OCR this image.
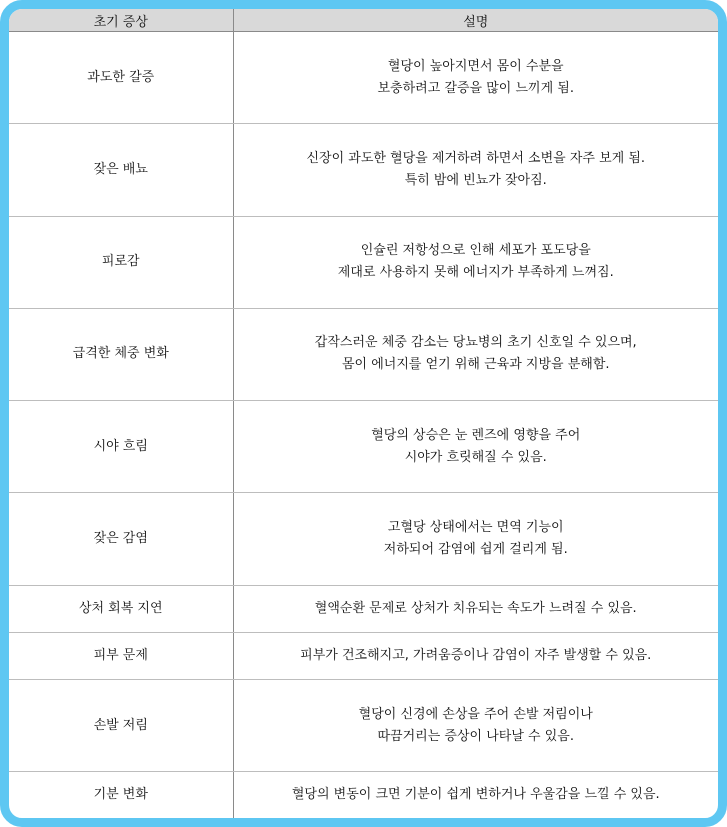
초기 증상	설명
과도한 갈증	혈당이 높아지면서 몸이 수분을
보충하려고 갈증을 많이 느끼게 됨.

잦은 배뇨	신장이 과도한 혈당을 제거하려 하면서 소변을 자주 보게 됨.
특히 밤에 빈뇨가 잦아짐.

피로감	인슐린 저항성으로 인해 세포가 포도당을
제대로 사용하지 못해 에너지가 부족하게 느껴짐.

급격한 체중 변화	갑작스러운 체중 감소는 당뇨병의 초기 신호일 수 있으며,
몸이 에너지를 얻기 위해 근육과 지방을 분해함.

시야 흐림	혈당의 상승은 눈 렌즈에 영향을 주어
시야가 흐릿해질 수 있음.

잦은 감염	고혈당 상태에서는 면역 기능이
저하되어 감염에 쉽게 걸리게 됨.

상처 회복 지연	혈액순환 문제로 상처가 치유되는 속도가 느려질 수 있음.

피부 문제	피부가 건조해지고, 가려움증이나 감염이 자주 발생할 수 있음.

손발 저림	혈당이 신경에 손상을 주어 손발 저림이나
따끔거리는 증상이 나타날 수 있음.

기분 변화	혈당의 변동이 크면 기분이 쉽게 변하거나 우울감을 느낄 수 있음.
